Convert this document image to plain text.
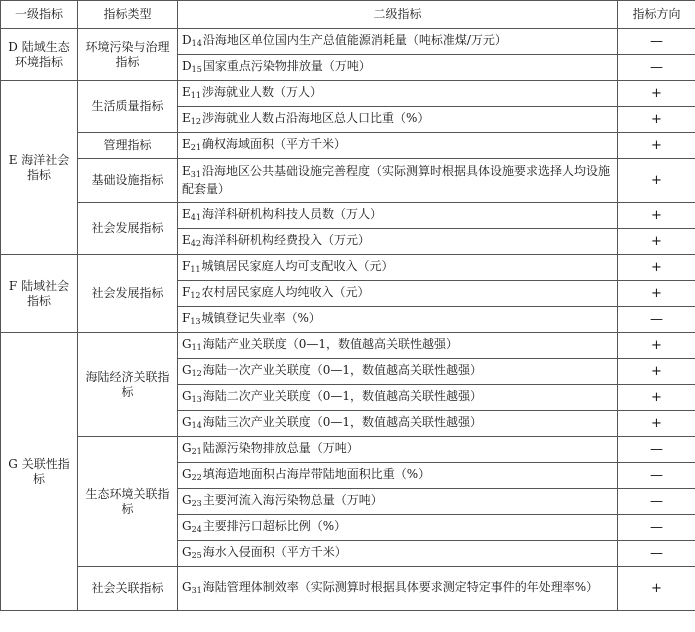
一级指标	指标类型	二级指标	指标方向
D 陆域生态环境指标	环境污染与治理指标	$D_{14}$沿海地区单位国内生产总值能源消耗量（吨标准煤/万元）	—
		$D_{15}$国家重点污染物排放量（万吨）	—
E 海洋社会指标	生活质量指标	$E_{11}$涉海就业人数（万人）	+
		$E_{12}$涉海就业人数占沿海地区总人口比重（%）	+
	管理指标	$E_{21}$确权海域面积（平方千米）	+
	基础设施指标	$E_{31}$沿海地区公共基础设施完善程度（实际测算时根据具体设施要求选择人均设施配套量）	+
	社会发展指标	$E_{41}$海洋科研机构科技人员数（万人）	+
		$E_{42}$海洋科研机构经费投入（万元）	+
F 陆域社会指标	社会发展指标	$F_{11}$城镇居民家庭人均可支配收入（元）	+
		$F_{12}$农村居民家庭人均纯收入（元）	+
		$F_{13}$城镇登记失业率（%）	—
G 关联性指标	海陆经济关联指标	$G_{11}$海陆产业关联度（0—1，数值越高关联性越强）	+
		$G_{12}$海陆一次产业关联度（0—1，数值越高关联性越强）	+
		$G_{13}$海陆二次产业关联度（0—1，数值越高关联性越强）	+
		$G_{14}$海陆三次产业关联度（0—1，数值越高关联性越强）	+
	生态环境关联指标	$G_{21}$陆源污染物排放总量（万吨）	—
		$G_{22}$填海造地面积占海岸带陆地面积比重（%）	—
		$G_{23}$主要河流入海污染物总量（万吨）	—
		$G_{24}$主要排污口超标比例（%）	—
		$G_{25}$海水入侵面积（平方千米）	—
	社会关联指标	$G_{31}$海陆管理体制效率（实际测算时根据具体要求测定特定事件的年处理率%）	+
